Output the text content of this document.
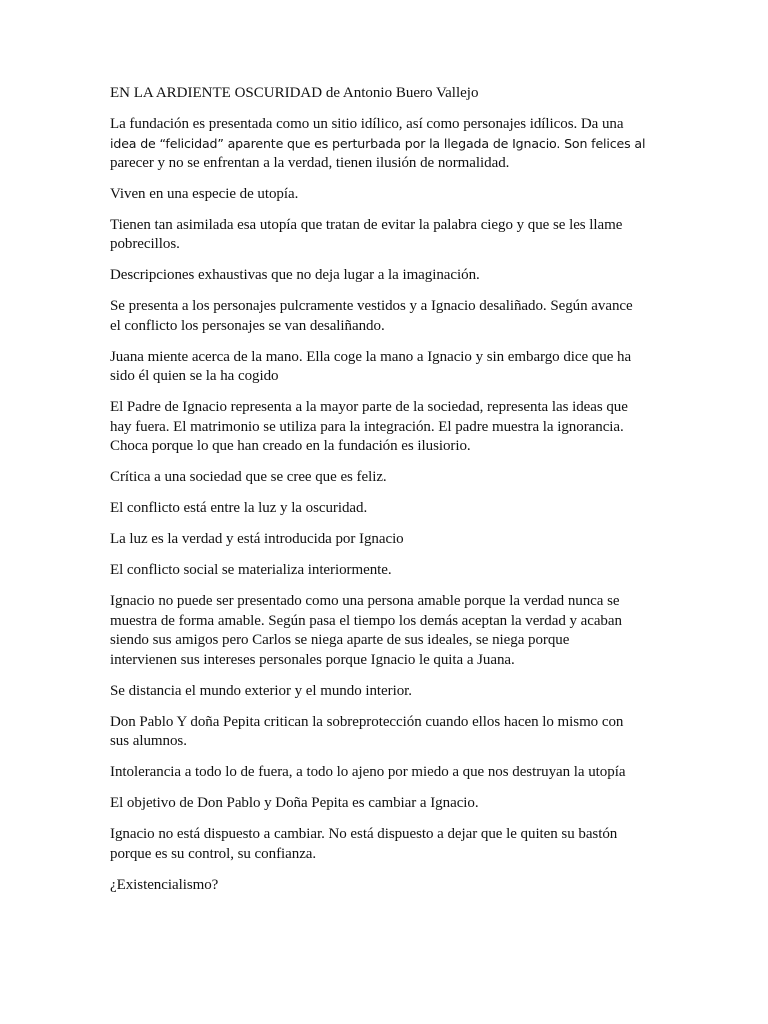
EN LA ARDIENTE OSCURIDAD de Antonio Buero Vallejo
La fundación es presentada como un sitio idílico, así como personajes idílicos. Da una
idea de “felicidad” aparente que es perturbada por la llegada de Ignacio. Son felices al
parecer y no se enfrentan a la verdad, tienen ilusión de normalidad.
Viven en una especie de utopía.
Tienen tan asimilada esa utopía que tratan de evitar la palabra ciego y que se les llame
pobrecillos.
Descripciones exhaustivas que no deja lugar a la imaginación.
Se presenta a los personajes pulcramente vestidos y a Ignacio desaliñado. Según avance
el conflicto los personajes se van desaliñando.
Juana miente acerca de la mano. Ella coge la mano a Ignacio y sin embargo dice que ha
sido él quien se la ha cogido
El Padre de Ignacio representa a la mayor parte de la sociedad, representa las ideas que
hay fuera. El matrimonio se utiliza para la integración. El padre muestra la ignorancia.
Choca porque lo que han creado en la fundación es ilusiorio.
Crítica a una sociedad que se cree que es feliz.
El conflicto está entre la luz y la oscuridad.
La luz es la verdad y está introducida por Ignacio
El conflicto social se materializa interiormente.
Ignacio no puede ser presentado como una persona amable porque la verdad nunca se
muestra de forma amable. Según pasa el tiempo los demás aceptan la verdad y acaban
siendo sus amigos pero Carlos se niega aparte de sus ideales, se niega porque
intervienen sus intereses personales porque Ignacio le quita a Juana.
Se distancia el mundo exterior y el mundo interior.
Don Pablo Y doña Pepita critican la sobreprotección cuando ellos hacen lo mismo con
sus alumnos.
Intolerancia a todo lo de fuera, a todo lo ajeno por miedo a que nos destruyan la utopía
El objetivo de Don Pablo y Doña Pepita es cambiar a Ignacio.
Ignacio no está dispuesto a cambiar. No está dispuesto a dejar que le quiten su bastón
porque es su control, su confianza.
¿Existencialismo?
